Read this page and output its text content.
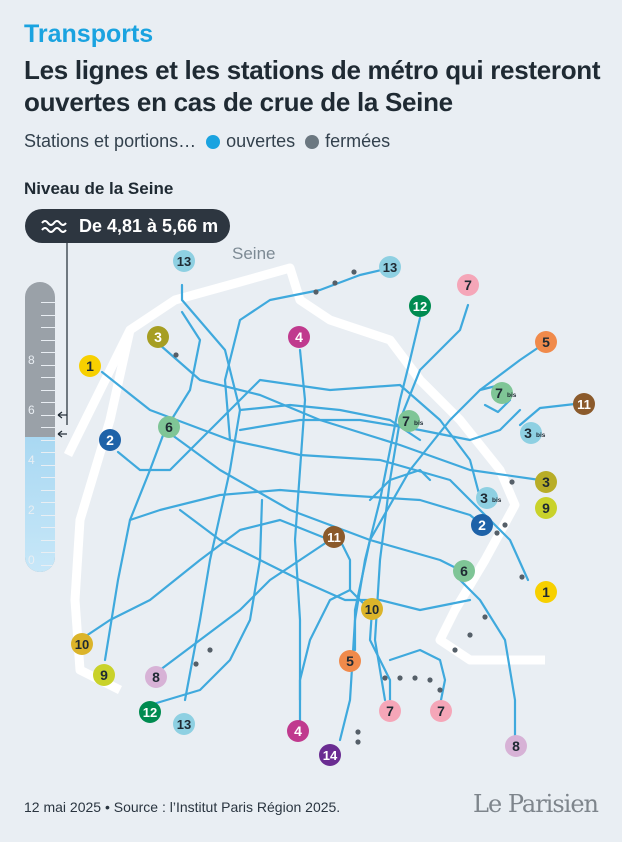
Transports
Les lignes et les stations de métro qui resteront ouvertes en cas de crue de la Seine
Stations et portions… ouvertes fermées
Niveau de la Seine
De 4,81 à 5,66 m
0
2
4
6
8
Seine
13	13
13
7
7	7
12
12
3
3
4
4
5
5
1
1
6
6
2
2
7 bis
7 bis
11
11
3 bis
3 bis	9
9
10
10
8
8
14
12 mai 2025 • Source : l’Institut Paris Région 2025.	Le Parisien
